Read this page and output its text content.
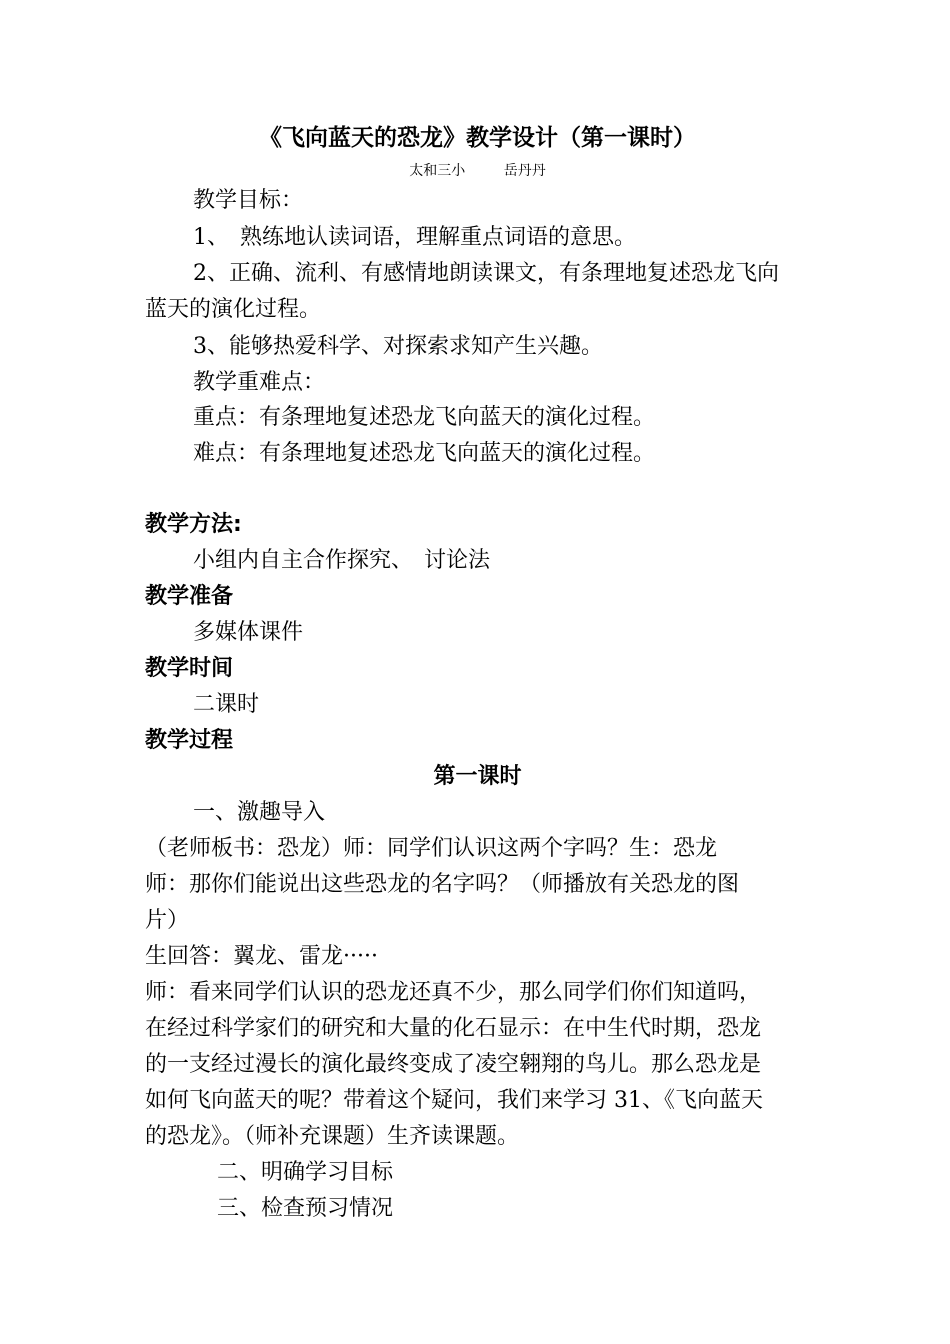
《飞向蓝天的恐龙》教学设计（第一课时）
太和三小　 岳丹丹
教学目标：
1、　熟练地认读词语，理解重点词语的意思。
2、正确、流利、有感情地朗读课文，有条理地复述恐龙飞向
蓝天的演化过程。
3、能够热爱科学、对探索求知产生兴趣。
教学重难点：
重点：有条理地复述恐龙飞向蓝天的演化过程。
难点：有条理地复述恐龙飞向蓝天的演化过程。
教学方法:
小组内自主合作探究、　讨论法
教学准备
多媒体课件
教学时间
二课时
教学过程
第一课时
一、激趣导入
（老师板书：恐龙）师：同学们认识这两个字吗？生：恐龙
师：那你们能说出这些恐龙的名字吗？（师播放有关恐龙的图
片）
生回答：翼龙、雷龙·····
师：看来同学们认识的恐龙还真不少，那么同学们你们知道吗，
在经过科学家们的研究和大量的化石显示：在中生代时期，恐龙
的一支经过漫长的演化最终变成了凌空翱翔的鸟儿。那么恐龙是
如何飞向蓝天的呢？带着这个疑问，我们来学习 31、《飞向蓝天
的恐龙》。（师补充课题）生齐读课题。
二、明确学习目标
三、检查预习情况
